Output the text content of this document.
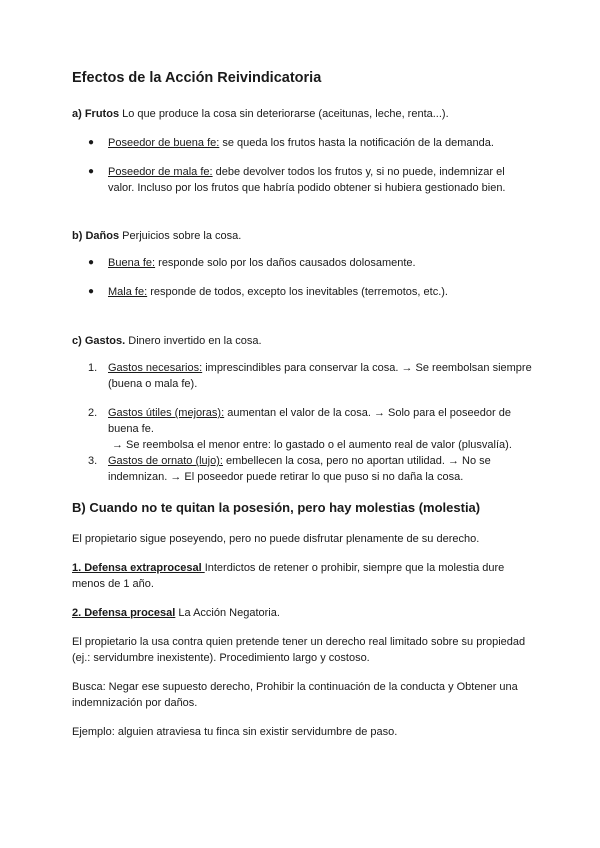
Efectos de la Acción Reivindicatoria

a) Frutos Lo que produce la cosa sin deteriorarse (aceitunas, leche, renta...).

● Poseedor de buena fe: se queda los frutos hasta la notificación de la demanda.
● Poseedor de mala fe: debe devolver todos los frutos y, si no puede, indemnizar el valor. Incluso por los frutos que habría podido obtener si hubiera gestionado bien.

b) Daños Perjuicios sobre la cosa.

● Buena fe: responde solo por los daños causados dolosamente.
● Mala fe: responde de todos, excepto los inevitables (terremotos, etc.).

c) Gastos. Dinero invertido en la cosa.

1. Gastos necesarios: imprescindibles para conservar la cosa. → Se reembolsan siempre (buena o mala fe).
2. Gastos útiles (mejoras): aumentan el valor de la cosa. → Solo para el poseedor de buena fe.
→ Se reembolsa el menor entre: lo gastado o el aumento real de valor (plusvalía).
3. Gastos de ornato (lujo): embellecen la cosa, pero no aportan utilidad. → No se indemnizan. → El poseedor puede retirar lo que puso si no daña la cosa.
B) Cuando no te quitan la posesión, pero hay molestias (molestia)

El propietario sigue poseyendo, pero no puede disfrutar plenamente de su derecho.

1. Defensa extraprocesal Interdictos de retener o prohibir, siempre que la molestia dure menos de 1 año.

2. Defensa procesal La Acción Negatoria.

El propietario la usa contra quien pretende tener un derecho real limitado sobre su propiedad (ej.: servidumbre inexistente). Procedimiento largo y costoso.

Busca: Negar ese supuesto derecho, Prohibir la continuación de la conducta y Obtener una indemnización por daños.

Ejemplo: alguien atraviesa tu finca sin existir servidumbre de paso.
